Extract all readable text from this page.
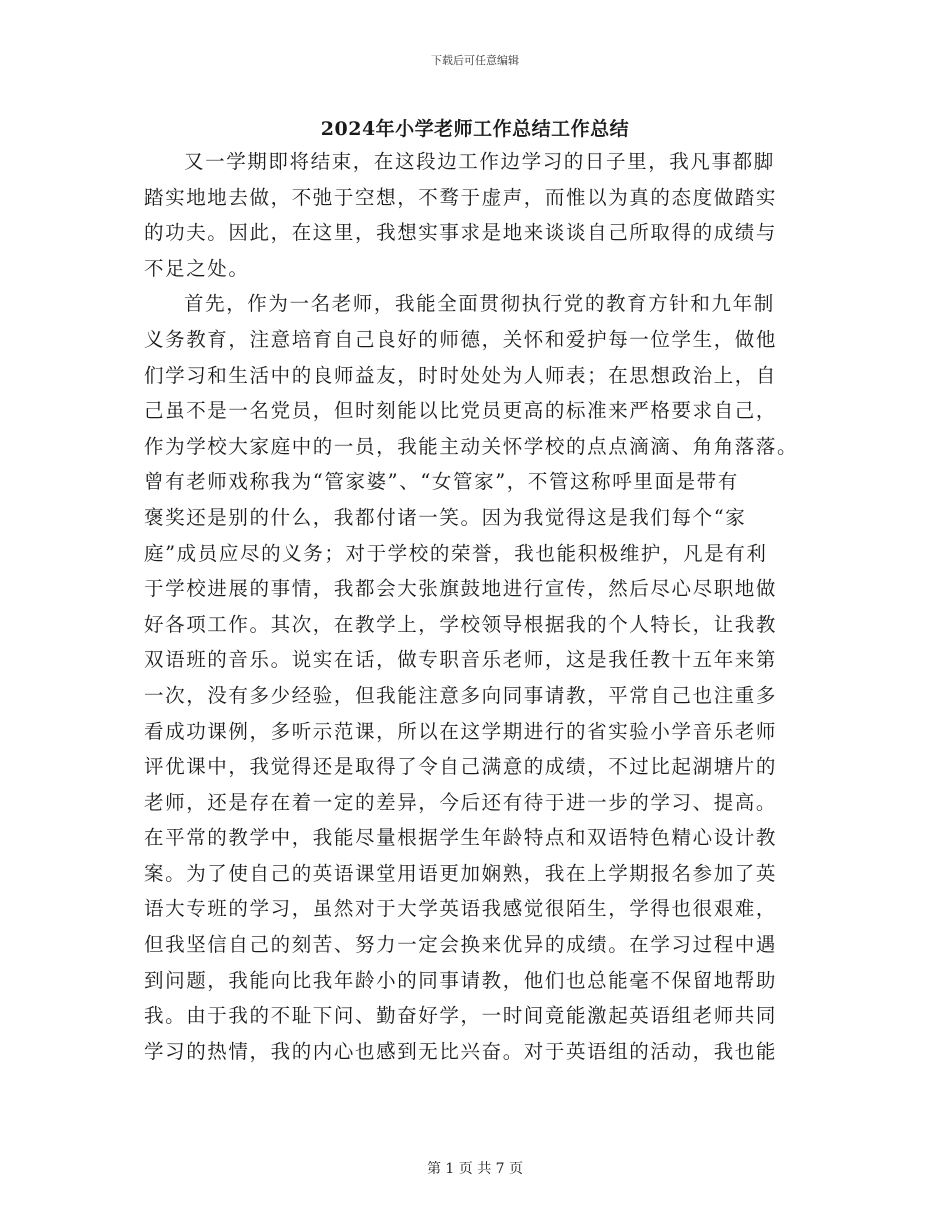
下载后可任意编辑
2024年小学老师工作总结工作总结
又一学期即将结束，在这段边工作边学习的日子里，我凡事都脚
踏实地地去做，不弛于空想，不骛于虚声，而惟以为真的态度做踏实
的功夫。因此，在这里，我想实事求是地来谈谈自己所取得的成绩与
不足之处。
首先，作为一名老师，我能全面贯彻执行党的教育方针和九年制
义务教育，注意培育自己良好的师德，关怀和爱护每一位学生，做他
们学习和生活中的良师益友，时时处处为人师表；在思想政治上，自
己虽不是一名党员，但时刻能以比党员更高的标准来严格要求自己，
作为学校大家庭中的一员，我能主动关怀学校的点点滴滴、角角落落。
曾有老师戏称我为“管家婆”、“女管家”，不管这称呼里面是带有
褒奖还是别的什么，我都付诸一笑。因为我觉得这是我们每个“家
庭”成员应尽的义务；对于学校的荣誉，我也能积极维护，凡是有利
于学校进展的事情，我都会大张旗鼓地进行宣传，然后尽心尽职地做
好各项工作。其次，在教学上，学校领导根据我的个人特长，让我教
双语班的音乐。说实在话，做专职音乐老师，这是我任教十五年来第
一次，没有多少经验，但我能注意多向同事请教，平常自己也注重多
看成功课例，多听示范课，所以在这学期进行的省实验小学音乐老师
评优课中，我觉得还是取得了令自己满意的成绩，不过比起湖塘片的
老师，还是存在着一定的差异，今后还有待于进一步的学习、提高。
在平常的教学中，我能尽量根据学生年龄特点和双语特色精心设计教
案。为了使自己的英语课堂用语更加娴熟，我在上学期报名参加了英
语大专班的学习，虽然对于大学英语我感觉很陌生，学得也很艰难，
但我坚信自己的刻苦、努力一定会换来优异的成绩。在学习过程中遇
到问题，我能向比我年龄小的同事请教，他们也总能毫不保留地帮助
我。由于我的不耻下问、勤奋好学，一时间竟能激起英语组老师共同
学习的热情，我的内心也感到无比兴奋。对于英语组的活动，我也能
第 1 页 共 7 页
